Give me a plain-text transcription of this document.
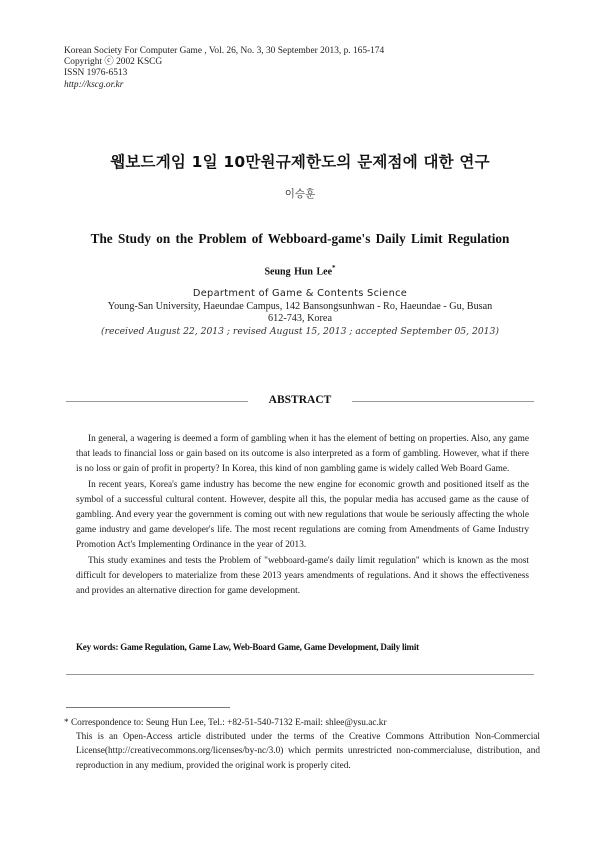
Korean Society For Computer Game , Vol. 26, No. 3, 30 September 2013, p. 165-174
Copyright ⓒ 2002 KSCG
ISSN 1976-6513
http://kscg.or.kr
웹보드게임 1일 10만원규제한도의 문제점에 대한 연구
이승훈
The Study on the Problem of Webboard-game's Daily Limit Regulation
Seung Hun Lee*
Department of Game & Contents Science
Young-San University, Haeundae Campus, 142 Bansongsunhwan - Ro, Haeundae - Gu, Busan
612-743, Korea
(received August 22, 2013 ; revised August 15, 2013 ; accepted September 05, 2013)
ABSTRACT

In general, a wagering is deemed a form of gambling when it has the element of betting on properties. Also, any game that leads to financial loss or gain based on its outcome is also interpreted as a form of gambling. However, what if there is no loss or gain of profit in property? In Korea, this kind of non gambling game is widely called Web Board Game.

In recent years, Korea's game industry has become the new engine for economic growth and positioned itself as the symbol of a successful cultural content. However, despite all this, the popular media has accused game as the cause of gambling. And every year the government is coming out with new regulations that woule be seriously affecting the whole game industry and game developer's life. The most recent regulations are coming from Amendments of Game Industry Promotion Act's Implementing Ordinance in the year of 2013.

This study examines and tests the Problem of "webboard-game's daily limit regulation" which is known as the most difficult for developers to materialize from these 2013 years amendments of regulations. And it shows the effectiveness and provides an alternative direction for game development.

Key words: Game Regulation, Game Law, Web-Board Game, Game Development, Daily limit

* Correspondence to: Seung Hun Lee, Tel.: +82-51-540-7132 E-mail: shlee@ysu.ac.kr

This is an Open-Access article distributed under the terms of the Creative Commons Attribution Non-Commercial License(http://creativecommons.org/licenses/by-nc/3.0) which permits unrestricted non-commercialuse, distribution, and reproduction in any medium, provided the original work is properly cited.
